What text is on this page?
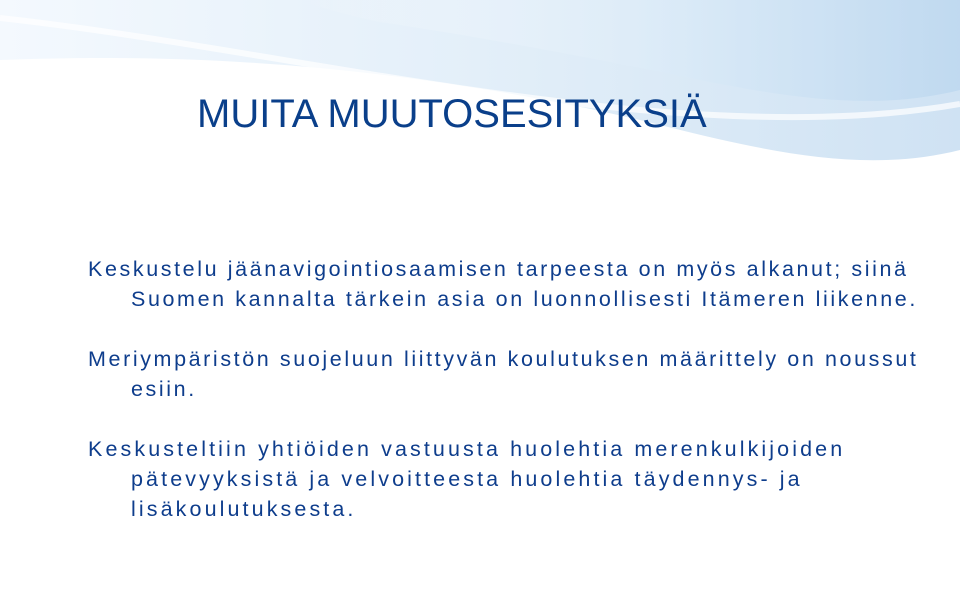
MUITA MUUTOSESITYKSIÄ

Keskustelu jäänavigointiosaamisen tarpeesta on myös alkanut; siinä Suomen kannalta tärkein asia on luonnollisesti Itämeren liikenne.

Meriympäristön suojeluun liittyvän koulutuksen määrittely on noussut esiin.

Keskusteltiin yhtiöiden vastuusta huolehtia merenkulkijoiden pätevyyksistä ja velvoitteesta huolehtia täydennys- ja lisäkoulutuksesta.
